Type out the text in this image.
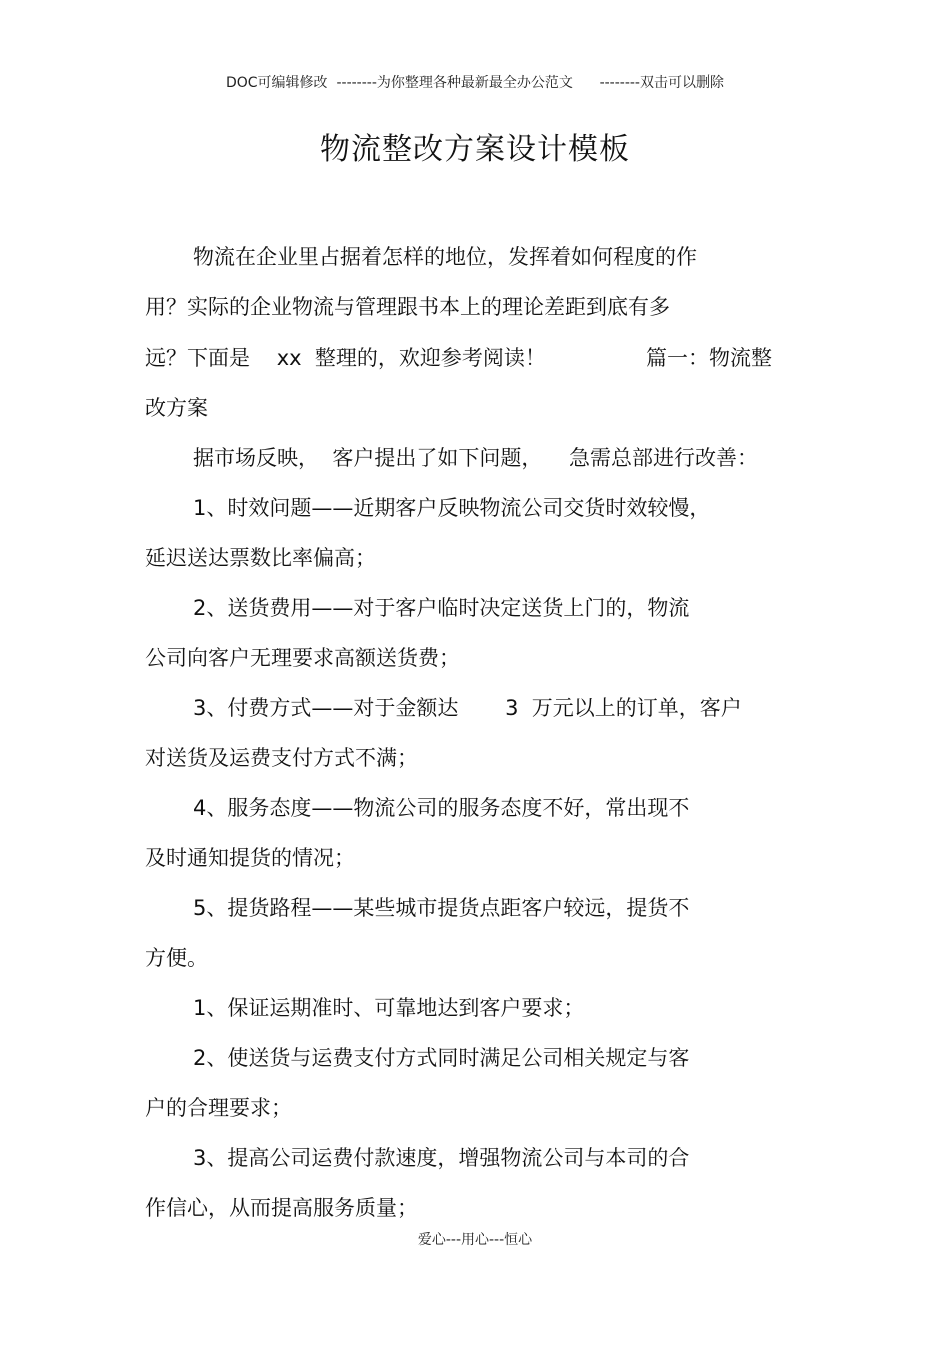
DOC可编辑修改  --------为你整理各种最新最全办公范文      --------双击可以删除
物流整改方案设计模板
物流在企业里占据着怎样的地位，发挥着如何程度的作
用？实际的企业物流与管理跟书本上的理论差距到底有多
远？下面是    xx  整理的，欢迎参考阅读！               篇一：物流整
改方案
据市场反映，  客户提出了如下问题，    急需总部进行改善：
1、时效问题——近期客户反映物流公司交货时效较慢，
延迟送达票数比率偏高；
2、送货费用——对于客户临时决定送货上门的，物流
公司向客户无理要求高额送货费；
3、付费方式——对于金额达       3  万元以上的订单，客户
对送货及运费支付方式不满；
4、服务态度——物流公司的服务态度不好，常出现不
及时通知提货的情况；
5、提货路程——某些城市提货点距客户较远，提货不
方便。
1、保证运期准时、可靠地达到客户要求；
2、使送货与运费支付方式同时满足公司相关规定与客
户的合理要求；
3、提高公司运费付款速度，增强物流公司与本司的合
作信心，从而提高服务质量；
爱心---用心---恒心
